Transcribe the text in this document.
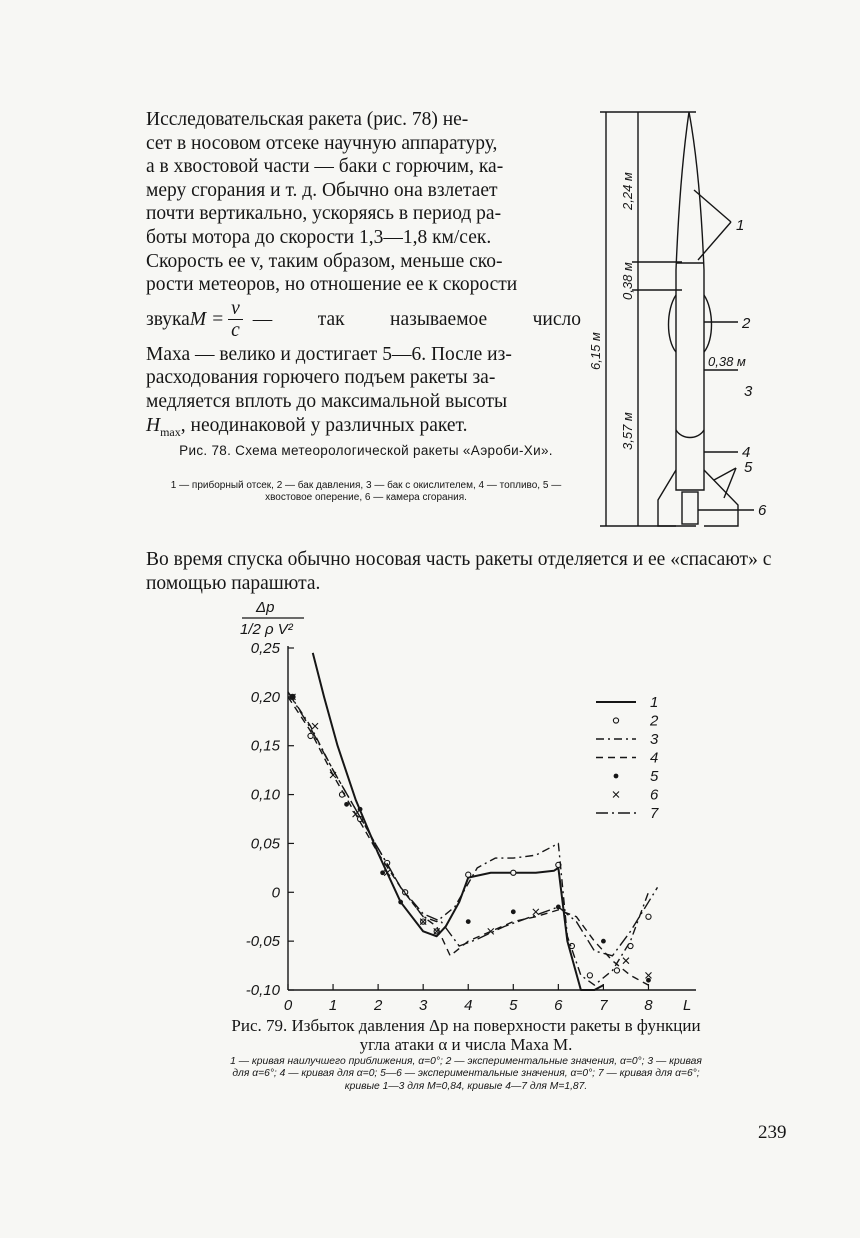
Исследовательская ракета (рис. 78) не-
сет в носовом отсеке научную аппаратуру,
а в хвостовой части — баки с горючим, ка-
меру сгорания и т. д. Обычно она взлетает
почти вертикально, ускоряясь в период ра-
боты мотора до скорости 1,3—1,8 км/сек.
Скорость ее v, таким образом, меньше ско-
рости метеоров, но отношение ее к скорости
звука $M = \frac{v}{c}$ — так называемое число
Маха — велико и достигает 5—6. После из-
расходования горючего подъем ракеты за-
медляется вплоть до максимальной высоты
$H_{max}$, неодинаковой у различных ракет.
6,15 м
2,24 м
0,38 м
3,57 м
0,38 м
1
2
3
4
5
6
Рис. 78. Схема метеорологической ракеты «Аэроби-Хи».
1 — приборный отсек, 2 — бак давления, 3 — бак с окислителем, 4 — топливо, 5 — хвостовое оперение, 6 — камера сгорания.
Во время спуска обычно носовая часть ракеты отделяется и ее «спасают» с помощью парашюта.
Δp
1/2 ρ V²
0,25
0,20
0,15
0,10
0,05
0
-0,05
-0,10
0 1 2 3 4 5 6 7 8 L
1
2
3
4
5
6
7
Рис. 79. Избыток давления Δp на поверхности ракеты в функции угла атаки α и числа Маха M.
1 — кривая наилучшего приближения, α=0°; 2 — экспериментальные значения, α=0°; 3 — кривая для α=6°; 4 — кривая для α=0; 5—6 — экспериментальные значения, α=0°; 7 — кривая для α=6°; кривые 1—3 для M=0,84, кривые 4—7 для M=1,87.
239
